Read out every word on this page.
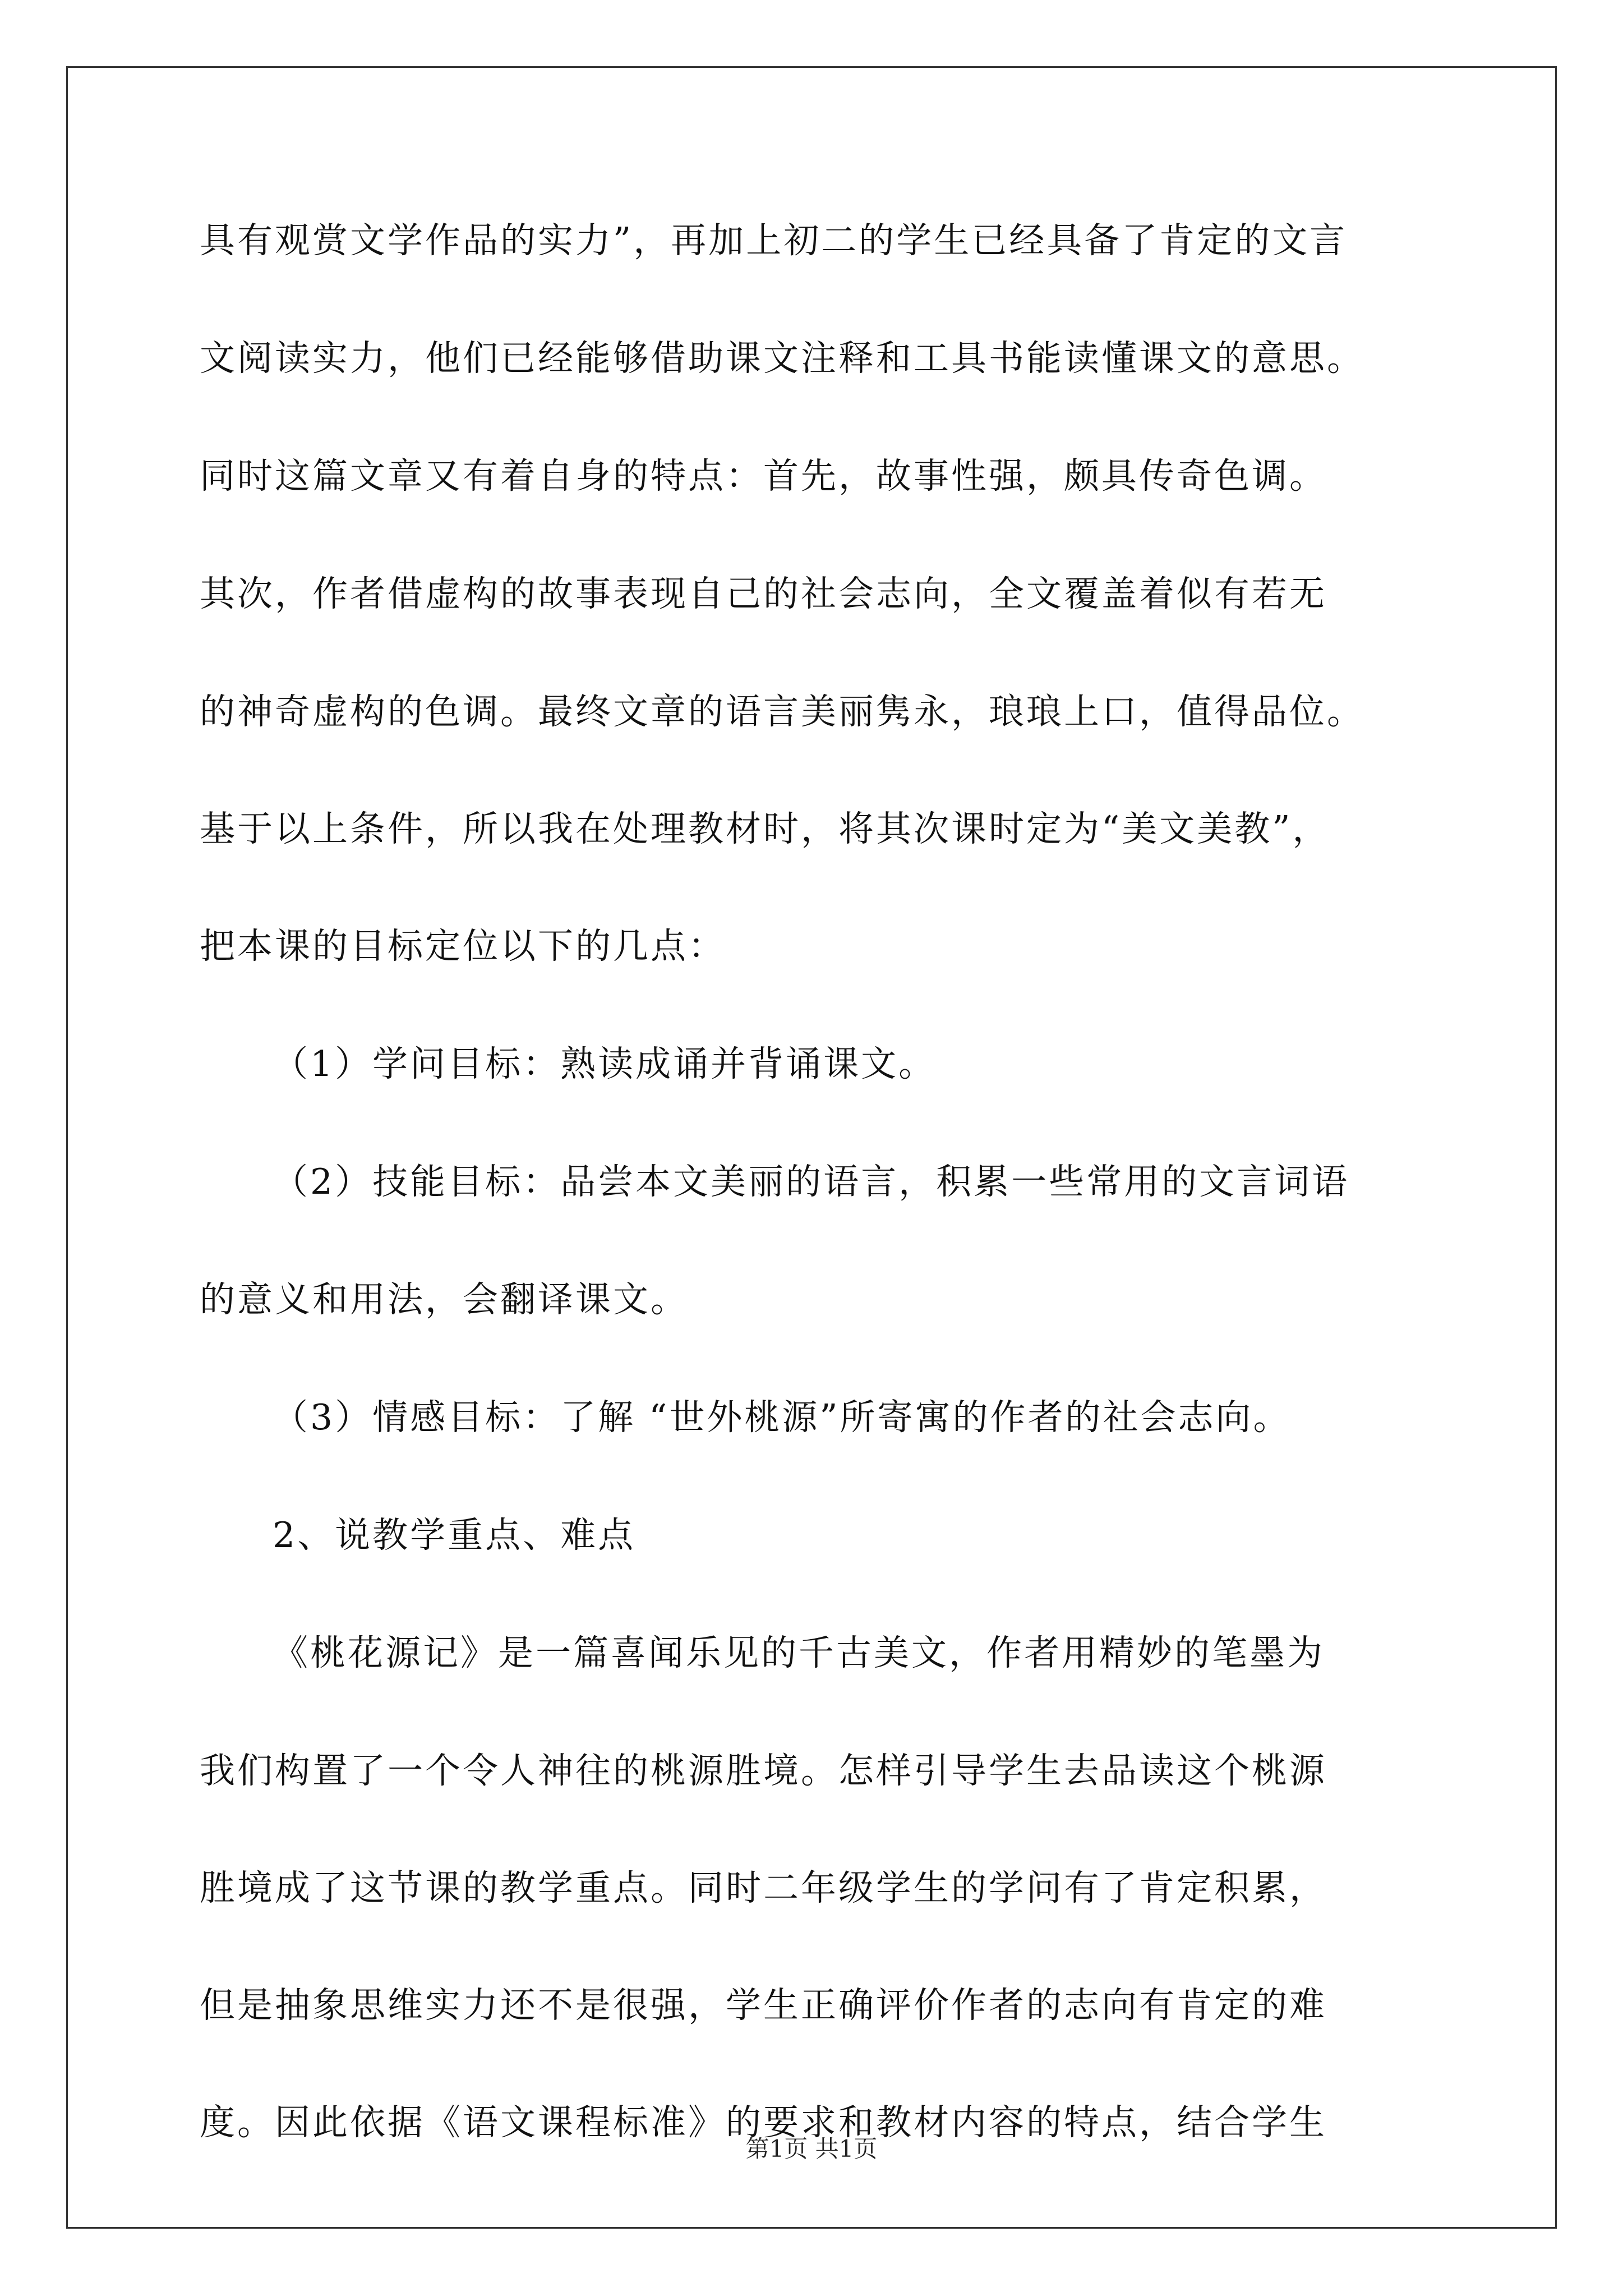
具有观赏文学作品的实力”，再加上初二的学生已经具备了肯定的文言
文阅读实力，他们已经能够借助课文注释和工具书能读懂课文的意思。
同时这篇文章又有着自身的特点：首先，故事性强，颇具传奇色调。
其次，作者借虚构的故事表现自己的社会志向，全文覆盖着似有若无
的神奇虚构的色调。最终文章的语言美丽隽永，琅琅上口，值得品位。
基于以上条件，所以我在处理教材时，将其次课时定为“美文美教”，
把本课的目标定位以下的几点：
（1）学问目标：熟读成诵并背诵课文。
（2）技能目标：品尝本文美丽的语言，积累一些常用的文言词语
的意义和用法，会翻译课文。
（3）情感目标：了解 “世外桃源”所寄寓的作者的社会志向。
2、说教学重点、难点
《桃花源记》是一篇喜闻乐见的千古美文，作者用精妙的笔墨为
我们构置了一个令人神往的桃源胜境。怎样引导学生去品读这个桃源
胜境成了这节课的教学重点。同时二年级学生的学问有了肯定积累，
但是抽象思维实力还不是很强，学生正确评价作者的志向有肯定的难
度。因此依据《语文课程标准》的要求和教材内容的特点，结合学生
第1页 共1页
